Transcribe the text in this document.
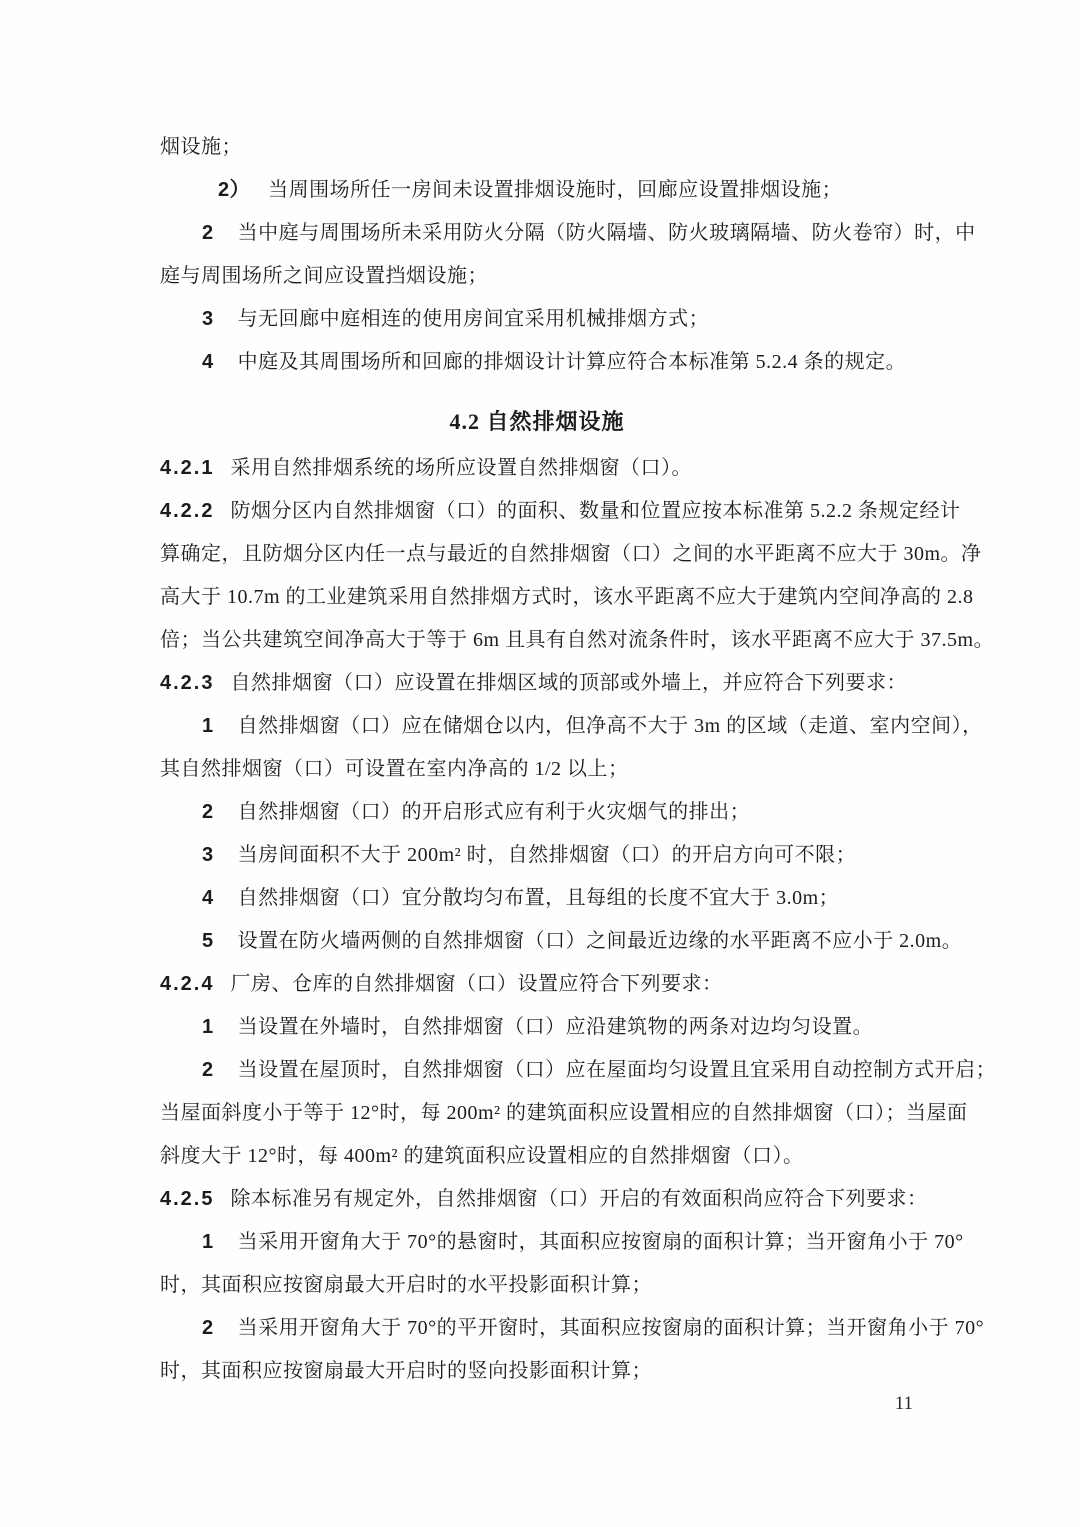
烟设施；
2） 当周围场所任一房间未设置排烟设施时，回廊应设置排烟设施；
2 当中庭与周围场所未采用防火分隔（防火隔墙、防火玻璃隔墙、防火卷帘）时，中
庭与周围场所之间应设置挡烟设施；
3 与无回廊中庭相连的使用房间宜采用机械排烟方式；
4 中庭及其周围场所和回廊的排烟设计计算应符合本标准第 5.2.4 条的规定。
4.2 自然排烟设施
4.2.1 采用自然排烟系统的场所应设置自然排烟窗（口）。
4.2.2 防烟分区内自然排烟窗（口）的面积、数量和位置应按本标准第 5.2.2 条规定经计
算确定，且防烟分区内任一点与最近的自然排烟窗（口）之间的水平距离不应大于 30m。净
高大于 10.7m 的工业建筑采用自然排烟方式时，该水平距离不应大于建筑内空间净高的 2.8
倍；当公共建筑空间净高大于等于 6m 且具有自然对流条件时，该水平距离不应大于 37.5m。
4.2.3 自然排烟窗（口）应设置在排烟区域的顶部或外墙上，并应符合下列要求：
1 自然排烟窗（口）应在储烟仓以内，但净高不大于 3m 的区域（走道、室内空间），
其自然排烟窗（口）可设置在室内净高的 1/2 以上；
2 自然排烟窗（口）的开启形式应有利于火灾烟气的排出；
3 当房间面积不大于 200m² 时，自然排烟窗（口）的开启方向可不限；
4 自然排烟窗（口）宜分散均匀布置，且每组的长度不宜大于 3.0m；
5 设置在防火墙两侧的自然排烟窗（口）之间最近边缘的水平距离不应小于 2.0m。
4.2.4 厂房、仓库的自然排烟窗（口）设置应符合下列要求：
1 当设置在外墙时，自然排烟窗（口）应沿建筑物的两条对边均匀设置。
2 当设置在屋顶时，自然排烟窗（口）应在屋面均匀设置且宜采用自动控制方式开启；
当屋面斜度小于等于 12°时，每 200m² 的建筑面积应设置相应的自然排烟窗（口）；当屋面
斜度大于 12°时，每 400m² 的建筑面积应设置相应的自然排烟窗（口）。
4.2.5 除本标准另有规定外，自然排烟窗（口）开启的有效面积尚应符合下列要求：
1 当采用开窗角大于 70°的悬窗时，其面积应按窗扇的面积计算；当开窗角小于 70°
时，其面积应按窗扇最大开启时的水平投影面积计算；
2 当采用开窗角大于 70°的平开窗时，其面积应按窗扇的面积计算；当开窗角小于 70°
时，其面积应按窗扇最大开启时的竖向投影面积计算；
11
